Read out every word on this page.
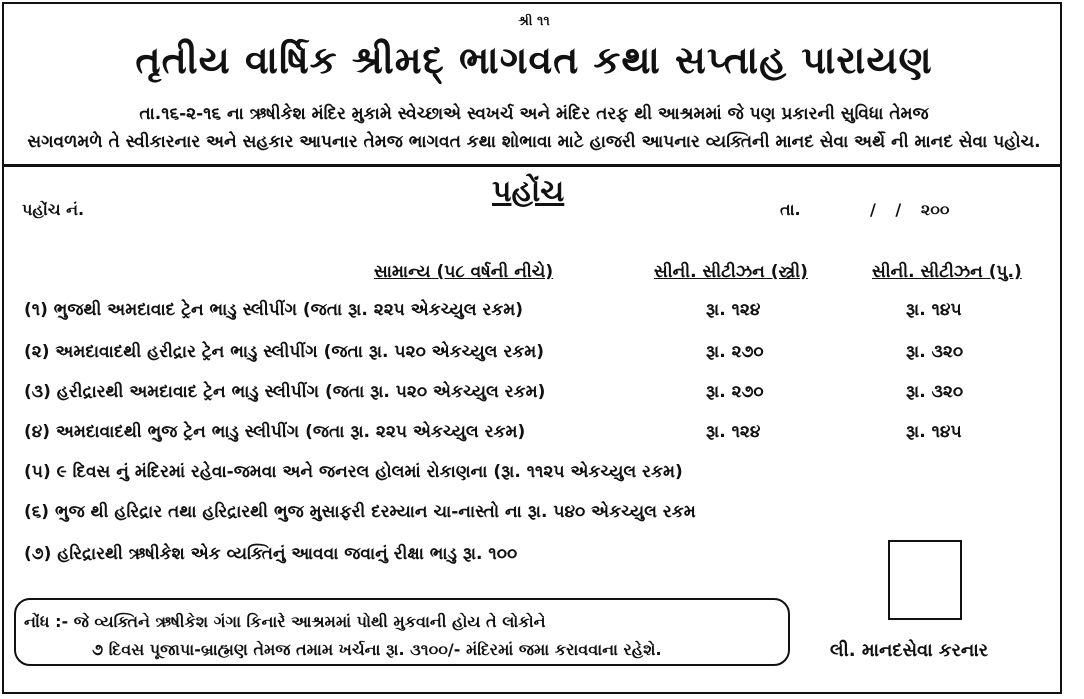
શ્રી ૧૧
તૃતીય વાર્ષિક શ્રીમદ્ ભાગવત કથા સપ્તાહ પારાયણ
તા.૧૬-૨-૧૬ ના ઋષીકેશ મંદિર મુકામે સ્વેચ્છાએ સ્વખર્ચ અને મંદિર તરફ થી આશ્રમમાં જે પણ પ્રકારની સુવિધા તેમજ
સગવળમળે તે સ્વીકારનાર અને સહકાર આપનાર તેમજ ભાગવત કથા શોભાવા માટે હાજરી આપનાર વ્યક્તિની માનદ સેવા અર્થે ની માનદ સેવા પહોચ.
પહોંચ નં.
પહોંચ
તા.	/ / ૨૦૦
સામાન્ય (૫૮ વર્ષની નીચે)	સીની. સીટીઝન (સ્ત્રી)	સીની. સીટીઝન (પુ.)
(૧) ભુજથી અમદાવાદ ટ્રેન ભાડુ સ્લીપીંગ (જતા રૂા. ૨૨૫ એકચ્યુલ રકમ)	રૂા. ૧૨૪	રૂા. ૧૪૫
(૨) અમદાવાદથી હરીદ્રાર ટ્રેન ભાડુ સ્લીપીંગ (જતા રૂા. ૫૨૦ એકચ્યુલ રકમ)	રૂા. ૨૭૦	રૂા. ૩૨૦
(૩) હરીદ્રારથી અમદાવાદ ટ્રેન ભાડુ સ્લીપીંગ (જતા રૂા. ૫૨૦ એકચ્યુલ રકમ)	રૂા. ૨૭૦	રૂા. ૩૨૦
(૪) અમદાવાદથી ભુજ ટ્રેન ભાડુ સ્લીપીંગ (જતા રૂા. ૨૨૫ એકચ્યુલ રકમ)	રૂા. ૧૨૪	રૂા. ૧૪૫
(૫) ૯ દિવસ નું મંદિરમાં રહેવા-જમવા અને જનરલ હોલમાં રોકાણના (રૂા. ૧૧૨૫ એકચ્યુલ રકમ)
(૬) ભુજ થી હરિદ્રાર તથા હરિદ્રારથી ભુજ મુસાફરી દરમ્યાન ચા-નાસ્તો ના રૂા. ૫૪૦ એકચ્યુલ રકમ
(૭) હરિદ્રારથી ઋષીકેશ એક વ્યક્તિનું આવવા જવાનું રીક્ષા ભાડુ રૂા. ૧૦૦
નોંધ :- જે વ્યક્તિને ઋષીકેશ ગંગા કિનારે આશ્રમમાં પોથી મુકવાની હોય તે લોકોને
૭ દિવસ પૂજાપા-બ્રાહ્મણ તેમજ તમામ ખર્ચના રૂા. ૩૧૦૦/- મંદિરમાં જમા કરાવવાના રહેશે.	લી. માનદસેવા કરનાર
